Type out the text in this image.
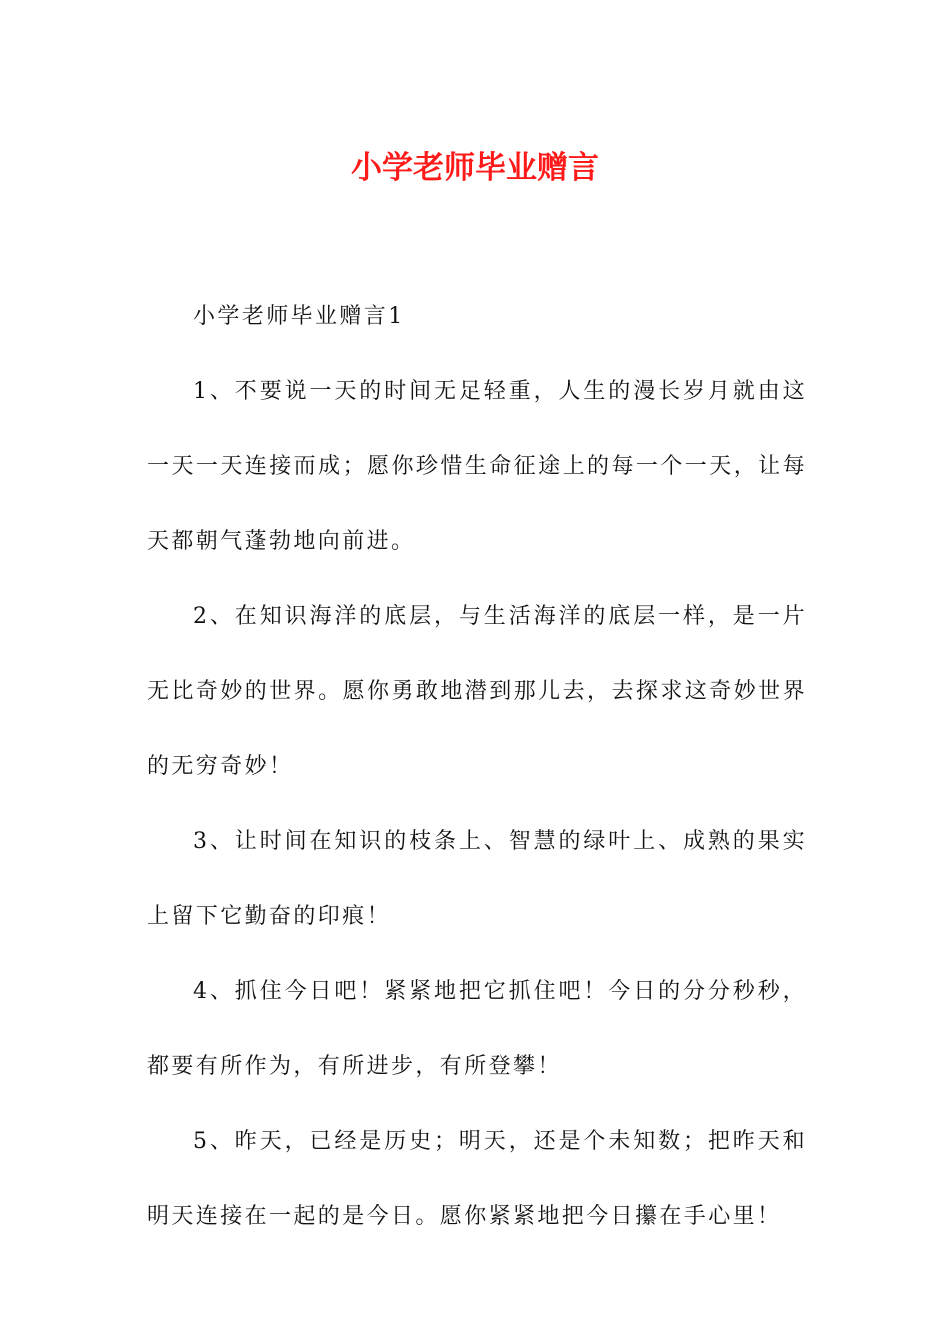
小学老师毕业赠言

小学老师毕业赠言1

1、不要说一天的时间无足轻重，人生的漫长岁月就由这一天一天连接而成；愿你珍惜生命征途上的每一个一天，让每天都朝气蓬勃地向前进。

2、在知识海洋的底层，与生活海洋的底层一样，是一片无比奇妙的世界。愿你勇敢地潜到那儿去，去探求这奇妙世界的无穷奇妙！

3、让时间在知识的枝条上、智慧的绿叶上、成熟的果实上留下它勤奋的印痕！

4、抓住今日吧！紧紧地把它抓住吧！今日的分分秒秒，都要有所作为，有所进步，有所登攀！

5、昨天，已经是历史；明天，还是个未知数；把昨天和明天连接在一起的是今日。愿你紧紧地把今日攥在手心里！
